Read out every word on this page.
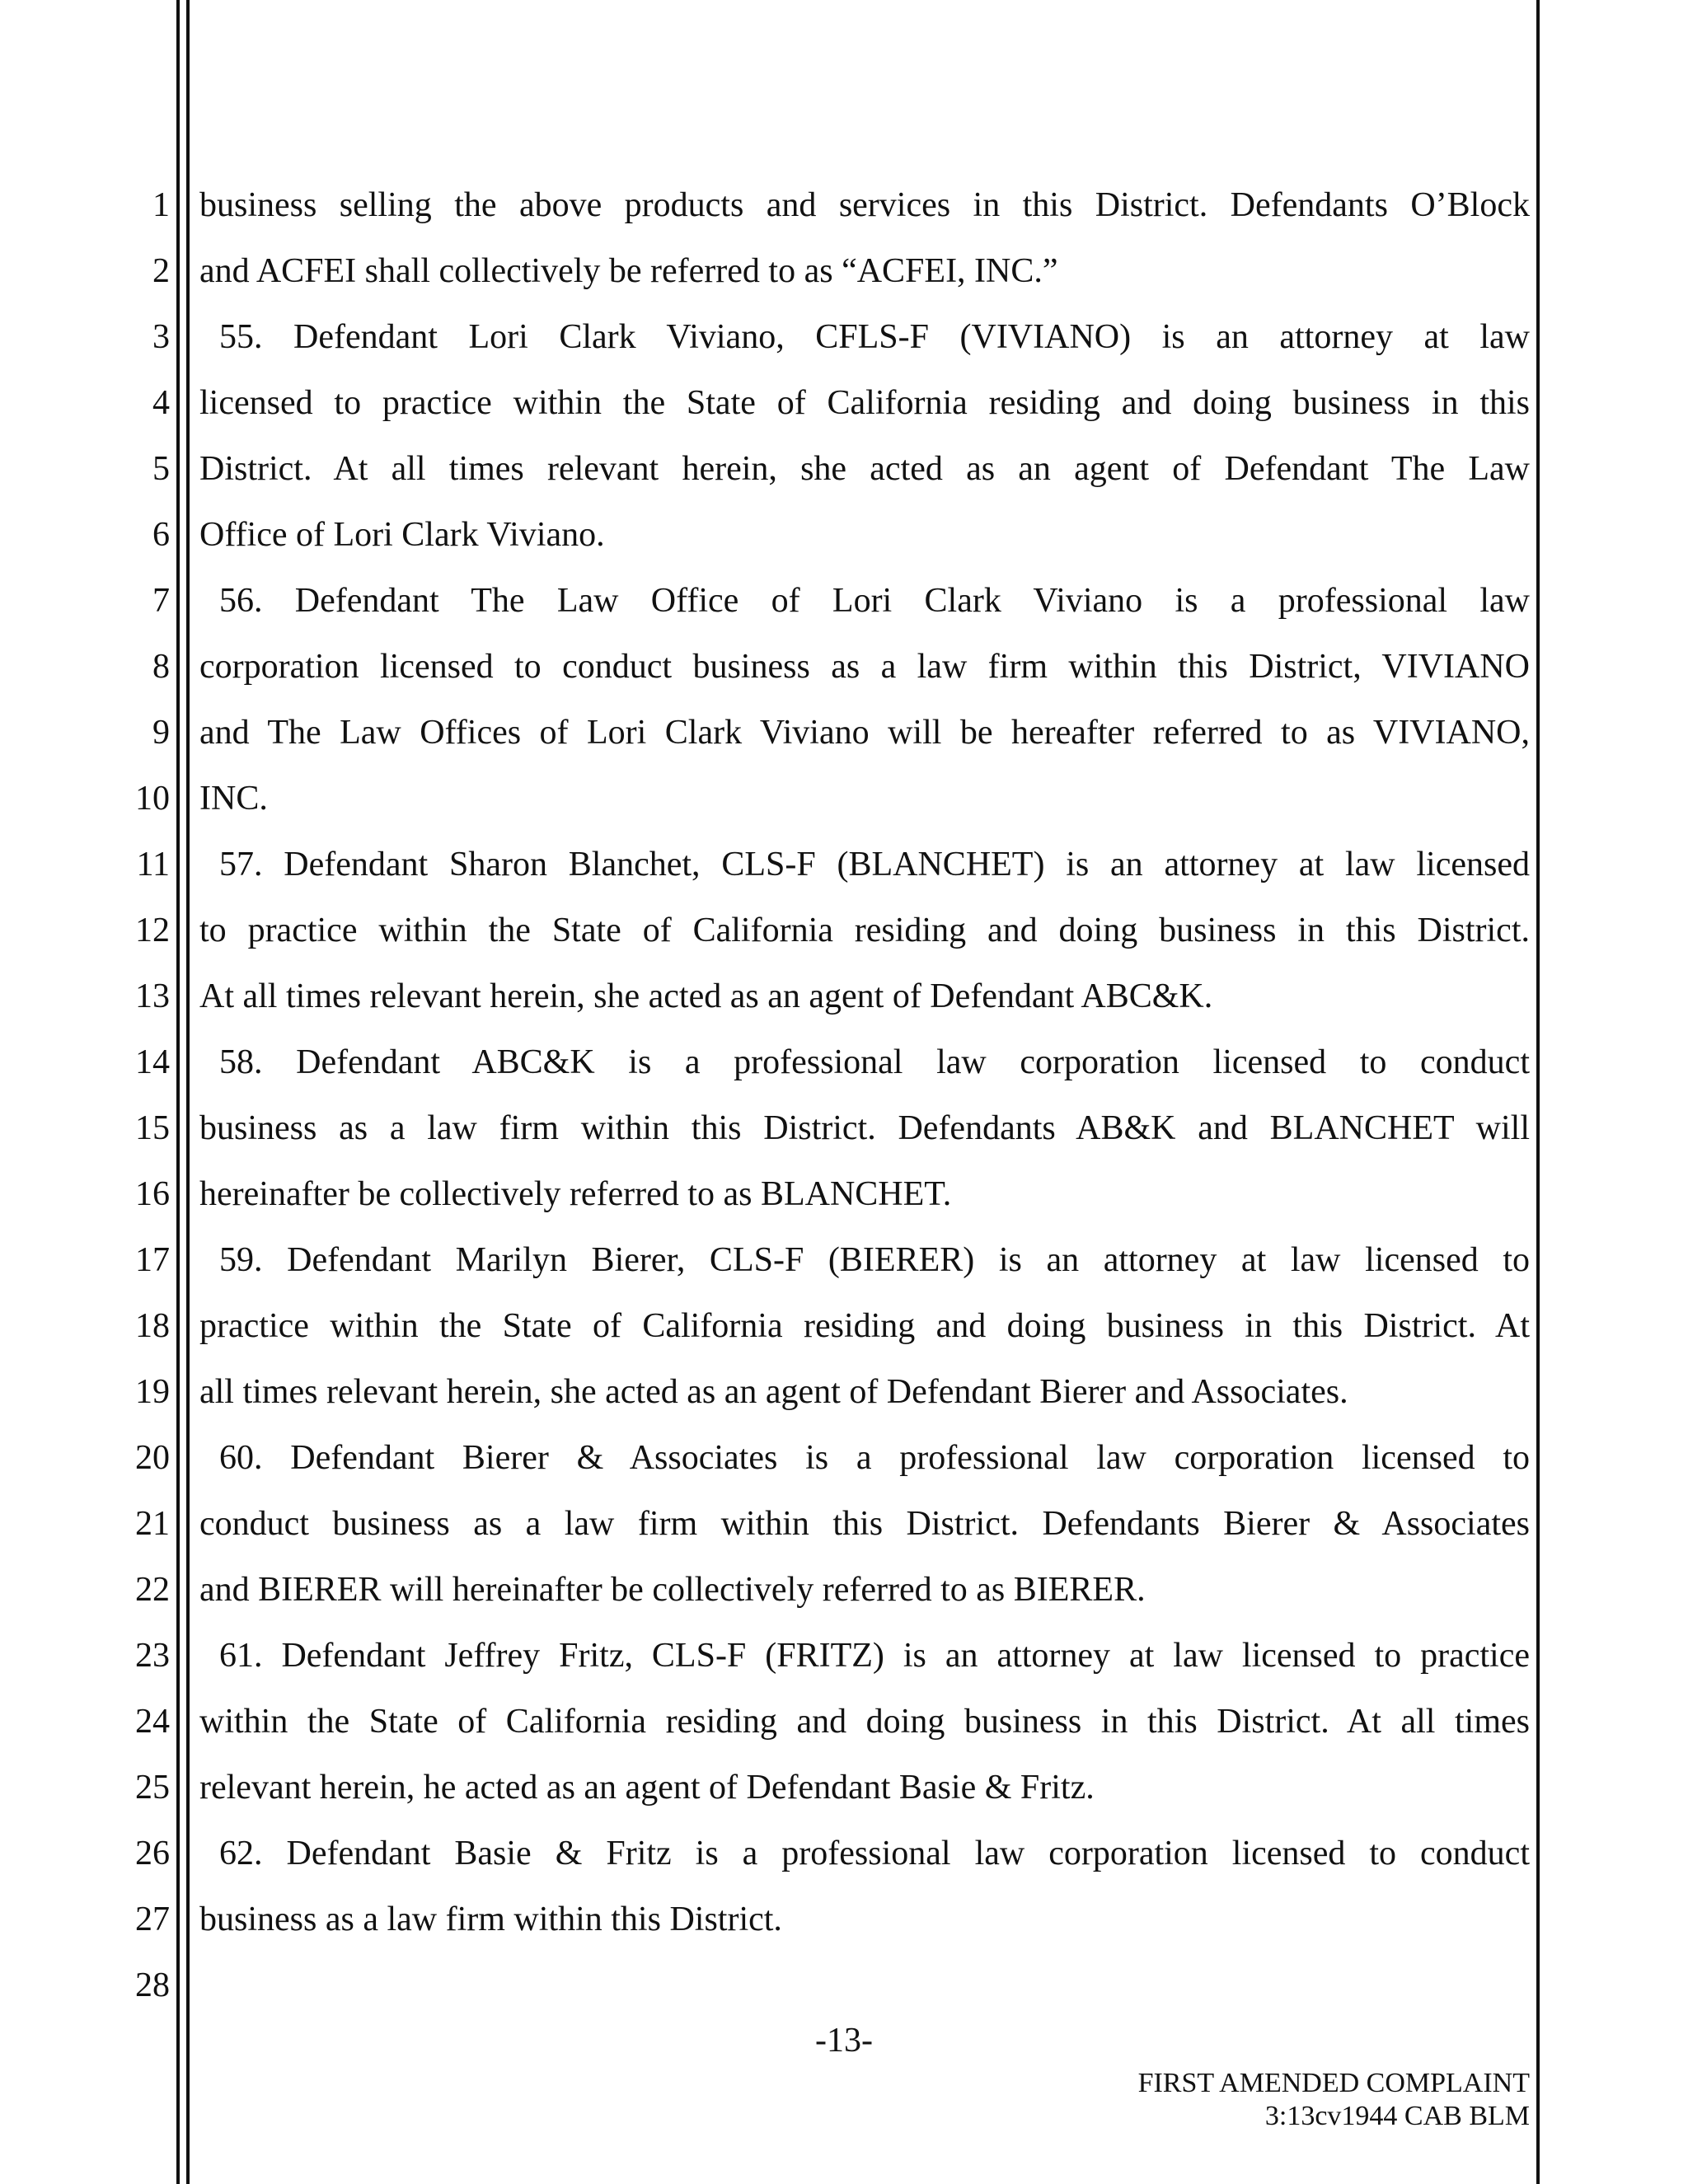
1
2
3
4
5
6
7
8
9
10
11
12
13
14
15
16
17
18
19
20
21
22
23
24
25
26
27
28
business selling the above products and services in this District. Defendants O’Block
and ACFEI shall collectively be referred to as “ACFEI, INC.”
55. Defendant Lori Clark Viviano, CFLS-F (VIVIANO) is an attorney at law
licensed to practice within the State of California residing and doing business in this
District. At all times relevant herein, she acted as an agent of Defendant The Law
Office of Lori Clark Viviano.
56. Defendant The Law Office of Lori Clark Viviano is a professional law
corporation licensed to conduct business as a law firm within this District, VIVIANO
and The Law Offices of Lori Clark Viviano will be hereafter referred to as VIVIANO,
INC.
57. Defendant Sharon Blanchet, CLS-F (BLANCHET) is an attorney at law licensed
to practice within the State of California residing and doing business in this District.
At all times relevant herein, she acted as an agent of Defendant ABC&K.
58. Defendant ABC&K is a professional law corporation licensed to conduct
business as a law firm within this District. Defendants AB&K and BLANCHET will
hereinafter be collectively referred to as BLANCHET.
59. Defendant Marilyn Bierer, CLS-F (BIERER) is an attorney at law licensed to
practice within the State of California residing and doing business in this District. At
all times relevant herein, she acted as an agent of Defendant Bierer and Associates.
60. Defendant Bierer & Associates is a professional law corporation licensed to
conduct business as a law firm within this District. Defendants Bierer & Associates
and BIERER will hereinafter be collectively referred to as BIERER.
61. Defendant Jeffrey Fritz, CLS-F (FRITZ) is an attorney at law licensed to practice
within the State of California residing and doing business in this District. At all times
relevant herein, he acted as an agent of Defendant Basie & Fritz.
62. Defendant Basie & Fritz is a professional law corporation licensed to conduct
business as a law firm within this District.
-13-
FIRST AMENDED COMPLAINT
3:13cv1944 CAB BLM
